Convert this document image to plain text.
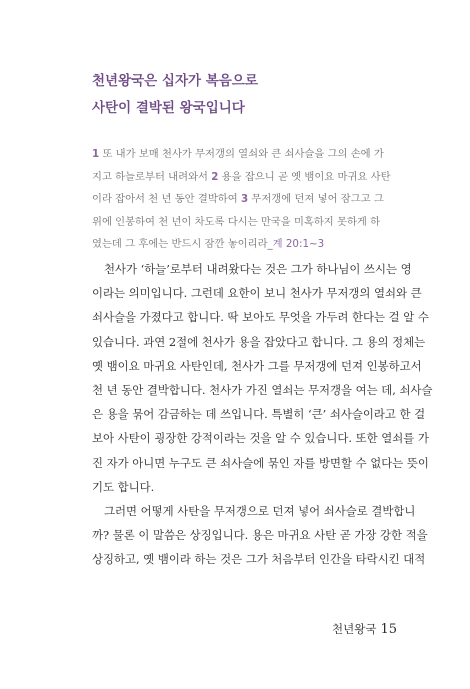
천년왕국은 십자가 복음으로
사탄이 결박된 왕국입니다
1 또 내가 보매 천사가 무저갱의 열쇠와 큰 쇠사슬을 그의 손에 가
지고 하늘로부터 내려와서 2 용을 잡으니 곧 옛 뱀이요 마귀요 사탄
이라 잡아서 천 년 동안 결박하여 3 무저갱에 던져 넣어 잠그고 그
위에 인봉하여 천 년이 차도록 다시는 만국을 미혹하지 못하게 하
였는데 그 후에는 반드시 잠깐 놓이리라_계 20:1~3
천사가 ‘하늘’로부터 내려왔다는 것은 그가 하나님이 쓰시는 영
이라는 의미입니다. 그런데 요한이 보니 천사가 무저갱의 열쇠와 큰
쇠사슬을 가졌다고 합니다. 딱 보아도 무엇을 가두려 한다는 걸 알 수
있습니다. 과연 2절에 천사가 용을 잡았다고 합니다. 그 용의 정체는
옛 뱀이요 마귀요 사탄인데, 천사가 그를 무저갱에 던져 인봉하고서
천 년 동안 결박합니다. 천사가 가진 열쇠는 무저갱을 여는 데, 쇠사슬
은 용을 묶어 감금하는 데 쓰입니다. 특별히 ‘큰’ 쇠사슬이라고 한 걸
보아 사탄이 굉장한 강적이라는 것을 알 수 있습니다. 또한 열쇠를 가
진 자가 아니면 누구도 큰 쇠사슬에 묶인 자를 방면할 수 없다는 뜻이
기도 합니다.
그러면 어떻게 사탄을 무저갱으로 던져 넣어 쇠사슬로 결박합니
까? 물론 이 말씀은 상징입니다. 용은 마귀요 사탄 곧 가장 강한 적을
상징하고, 옛 뱀이라 하는 것은 그가 처음부터 인간을 타락시킨 대적
천년왕국 15
